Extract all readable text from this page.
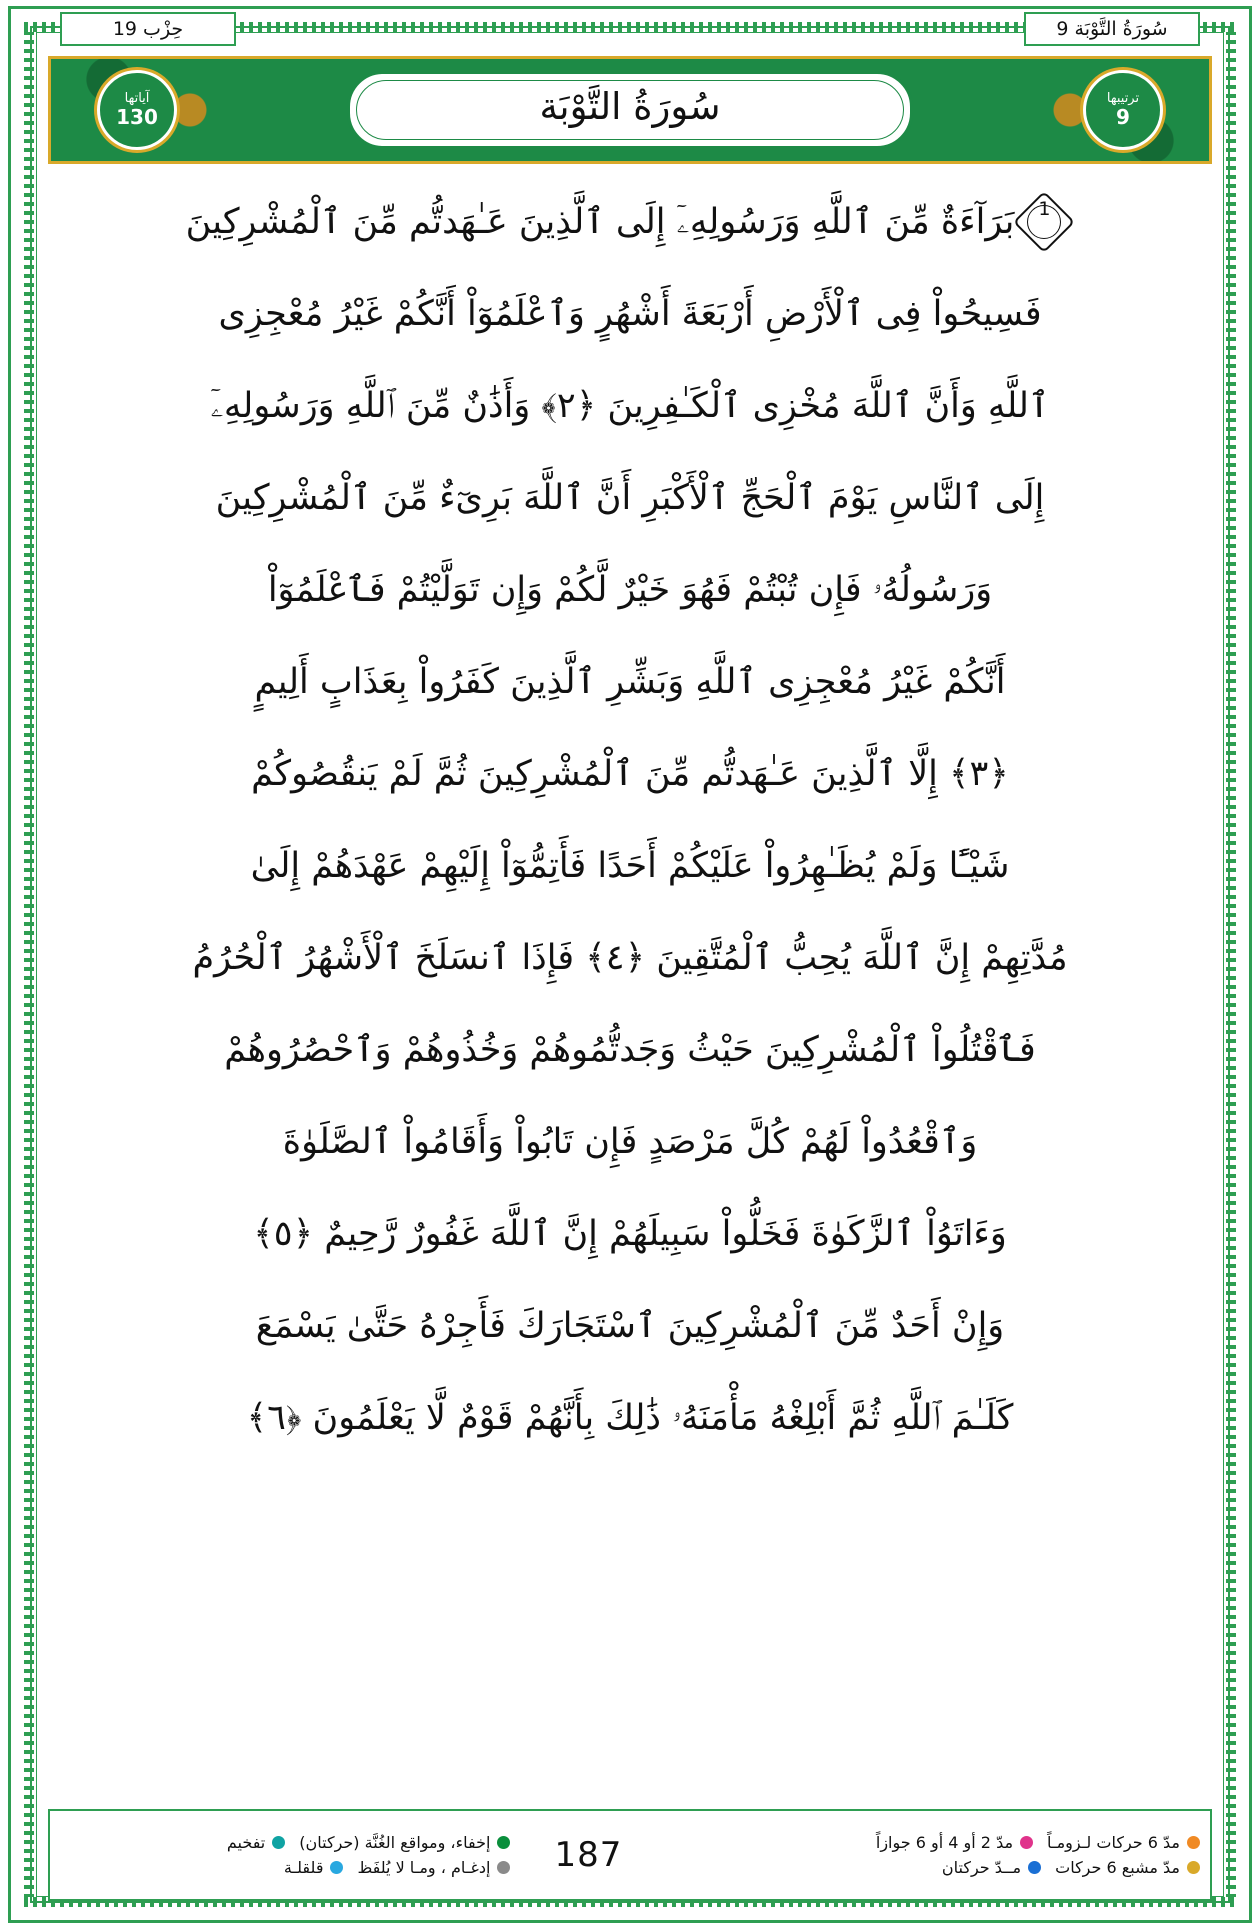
سُورَةُ التَّوْبَة 9
حِزْب 19
ترتيبها
9
سُورَةُ التَّوْبَة
آياتها
130
1
بَرَآءَةٌ مِّنَ ٱللَّهِ وَرَسُولِهِۦٓ إِلَى ٱلَّذِينَ عَـٰهَدتُّم مِّنَ ٱلْمُشْرِكِينَ
فَسِيحُواْ فِى ٱلْأَرْضِ أَرْبَعَةَ أَشْهُرٍ وَٱعْلَمُوٓاْ أَنَّكُمْ غَيْرُ مُعْجِزِى
ٱللَّهِ وَأَنَّ ٱللَّهَ مُخْزِى ٱلْكَـٰفِرِينَ ﴿٢﴾ وَأَذَٰنٌ مِّنَ ٱللَّهِ وَرَسُولِهِۦٓ
إِلَى ٱلنَّاسِ يَوْمَ ٱلْحَجِّ ٱلْأَكْبَرِ أَنَّ ٱللَّهَ بَرِىٓءٌ مِّنَ ٱلْمُشْرِكِينَ
وَرَسُولُهُۥ فَإِن تُبْتُمْ فَهُوَ خَيْرٌ لَّكُمْ وَإِن تَوَلَّيْتُمْ فَٱعْلَمُوٓاْ
أَنَّكُمْ غَيْرُ مُعْجِزِى ٱللَّهِ وَبَشِّرِ ٱلَّذِينَ كَفَرُواْ بِعَذَابٍ أَلِيمٍ
﴿٣﴾ إِلَّا ٱلَّذِينَ عَـٰهَدتُّم مِّنَ ٱلْمُشْرِكِينَ ثُمَّ لَمْ يَنقُصُوكُمْ
شَيْـًٔا وَلَمْ يُظَـٰهِرُواْ عَلَيْكُمْ أَحَدًا فَأَتِمُّوٓاْ إِلَيْهِمْ عَهْدَهُمْ إِلَىٰ
مُدَّتِهِمْ إِنَّ ٱللَّهَ يُحِبُّ ٱلْمُتَّقِينَ ﴿٤﴾ فَإِذَا ٱنسَلَخَ ٱلْأَشْهُرُ ٱلْحُرُمُ
فَٱقْتُلُواْ ٱلْمُشْرِكِينَ حَيْثُ وَجَدتُّمُوهُمْ وَخُذُوهُمْ وَٱحْصُرُوهُمْ
وَٱقْعُدُواْ لَهُمْ كُلَّ مَرْصَدٍ فَإِن تَابُواْ وَأَقَامُواْ ٱلصَّلَوٰةَ
وَءَاتَوُاْ ٱلزَّكَوٰةَ فَخَلُّواْ سَبِيلَهُمْ إِنَّ ٱللَّهَ غَفُورٌ رَّحِيمٌ ﴿٥﴾
وَإِنْ أَحَدٌ مِّنَ ٱلْمُشْرِكِينَ ٱسْتَجَارَكَ فَأَجِرْهُ حَتَّىٰ يَسْمَعَ
كَلَـٰمَ ٱللَّهِ ثُمَّ أَبْلِغْهُ مَأْمَنَهُۥ ذَٰلِكَ بِأَنَّهُمْ قَوْمٌ لَّا يَعْلَمُونَ ﴿٦﴾
مدّ 6 حركات لـزومـاً
مدّ 2 أو 4 أو 6 جوازاً
مدّ مشبع 6 حركات
مــدّ حركتان
187
إخفاء، ومواقع الغُنَّة (حركتان)
تفخيم
إدغـام ، ومـا لا يُلفَظ
قلقلـة
